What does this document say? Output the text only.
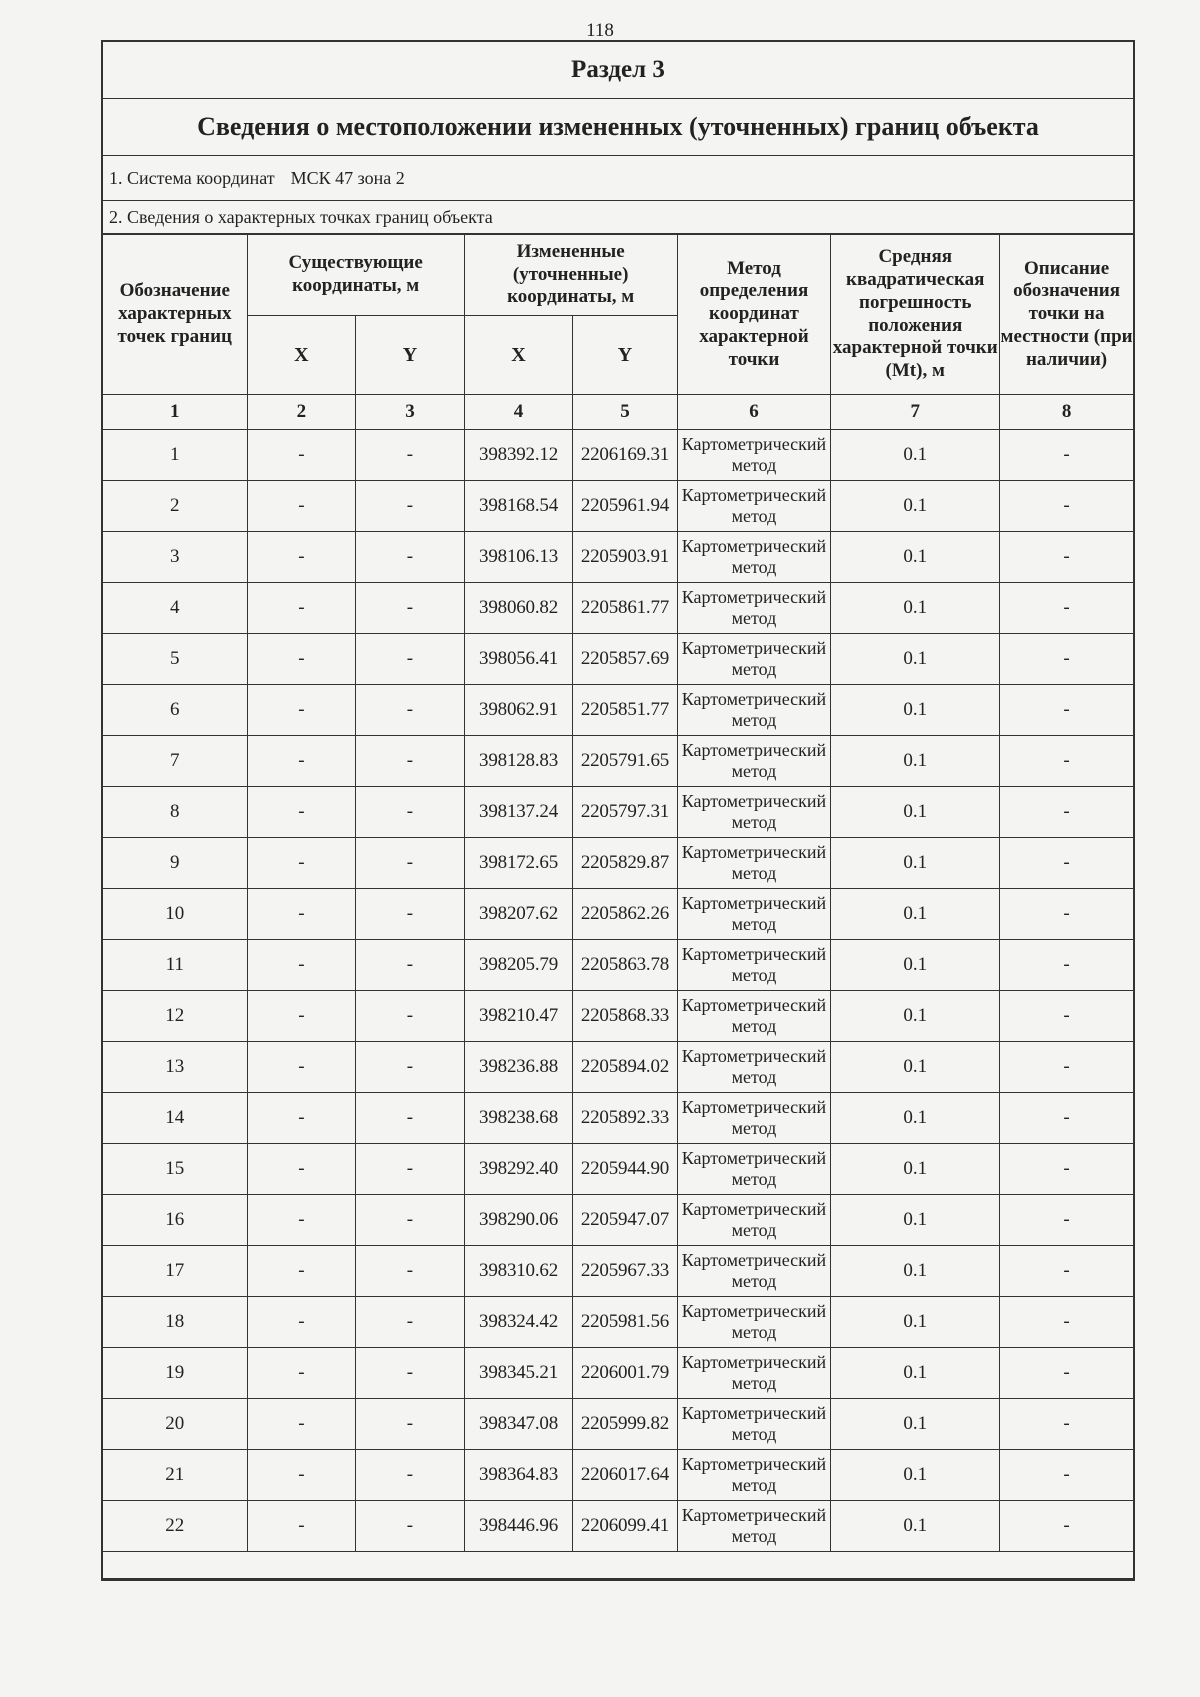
118
Раздел 3
Сведения о местоположении измененных (уточненных) границ объекта
1. Система координат МСК 47 зона 2
2. Сведения о характерных точках границ объекта
Обозначение характерных точек границ	Существующие координаты, м		Измененные (уточненные) координаты, м		Метод определения координат характерной точки	Средняя квадратическая погрешность положения характерной точки (Mt), м	Описание обозначения точки на местности (при наличии)
	X	Y	X	Y			
1	2	3	4	5	6	7	8
1	-	-	398392.12	2206169.31	Картометрический метод	0.1	-
2	-	-	398168.54	2205961.94	Картометрический метод	0.1	-
3	-	-	398106.13	2205903.91	Картометрический метод	0.1	-
4	-	-	398060.82	2205861.77	Картометрический метод	0.1	-
5	-	-	398056.41	2205857.69	Картометрический метод	0.1	-
6	-	-	398062.91	2205851.77	Картометрический метод	0.1	-
7	-	-	398128.83	2205791.65	Картометрический метод	0.1	-
8	-	-	398137.24	2205797.31	Картометрический метод	0.1	-
9	-	-	398172.65	2205829.87	Картометрический метод	0.1	-
10	-	-	398207.62	2205862.26	Картометрический метод	0.1	-
11	-	-	398205.79	2205863.78	Картометрический метод	0.1	-
12	-	-	398210.47	2205868.33	Картометрический метод	0.1	-
13	-	-	398236.88	2205894.02	Картометрический метод	0.1	-
14	-	-	398238.68	2205892.33	Картометрический метод	0.1	-
15	-	-	398292.40	2205944.90	Картометрический метод	0.1	-
16	-	-	398290.06	2205947.07	Картометрический метод	0.1	-
17	-	-	398310.62	2205967.33	Картометрический метод	0.1	-
18	-	-	398324.42	2205981.56	Картометрический метод	0.1	-
19	-	-	398345.21	2206001.79	Картометрический метод	0.1	-
20	-	-	398347.08	2205999.82	Картометрический метод	0.1	-
21	-	-	398364.83	2206017.64	Картометрический метод	0.1	-
22	-	-	398446.96	2206099.41	Картометрический метод	0.1	-
